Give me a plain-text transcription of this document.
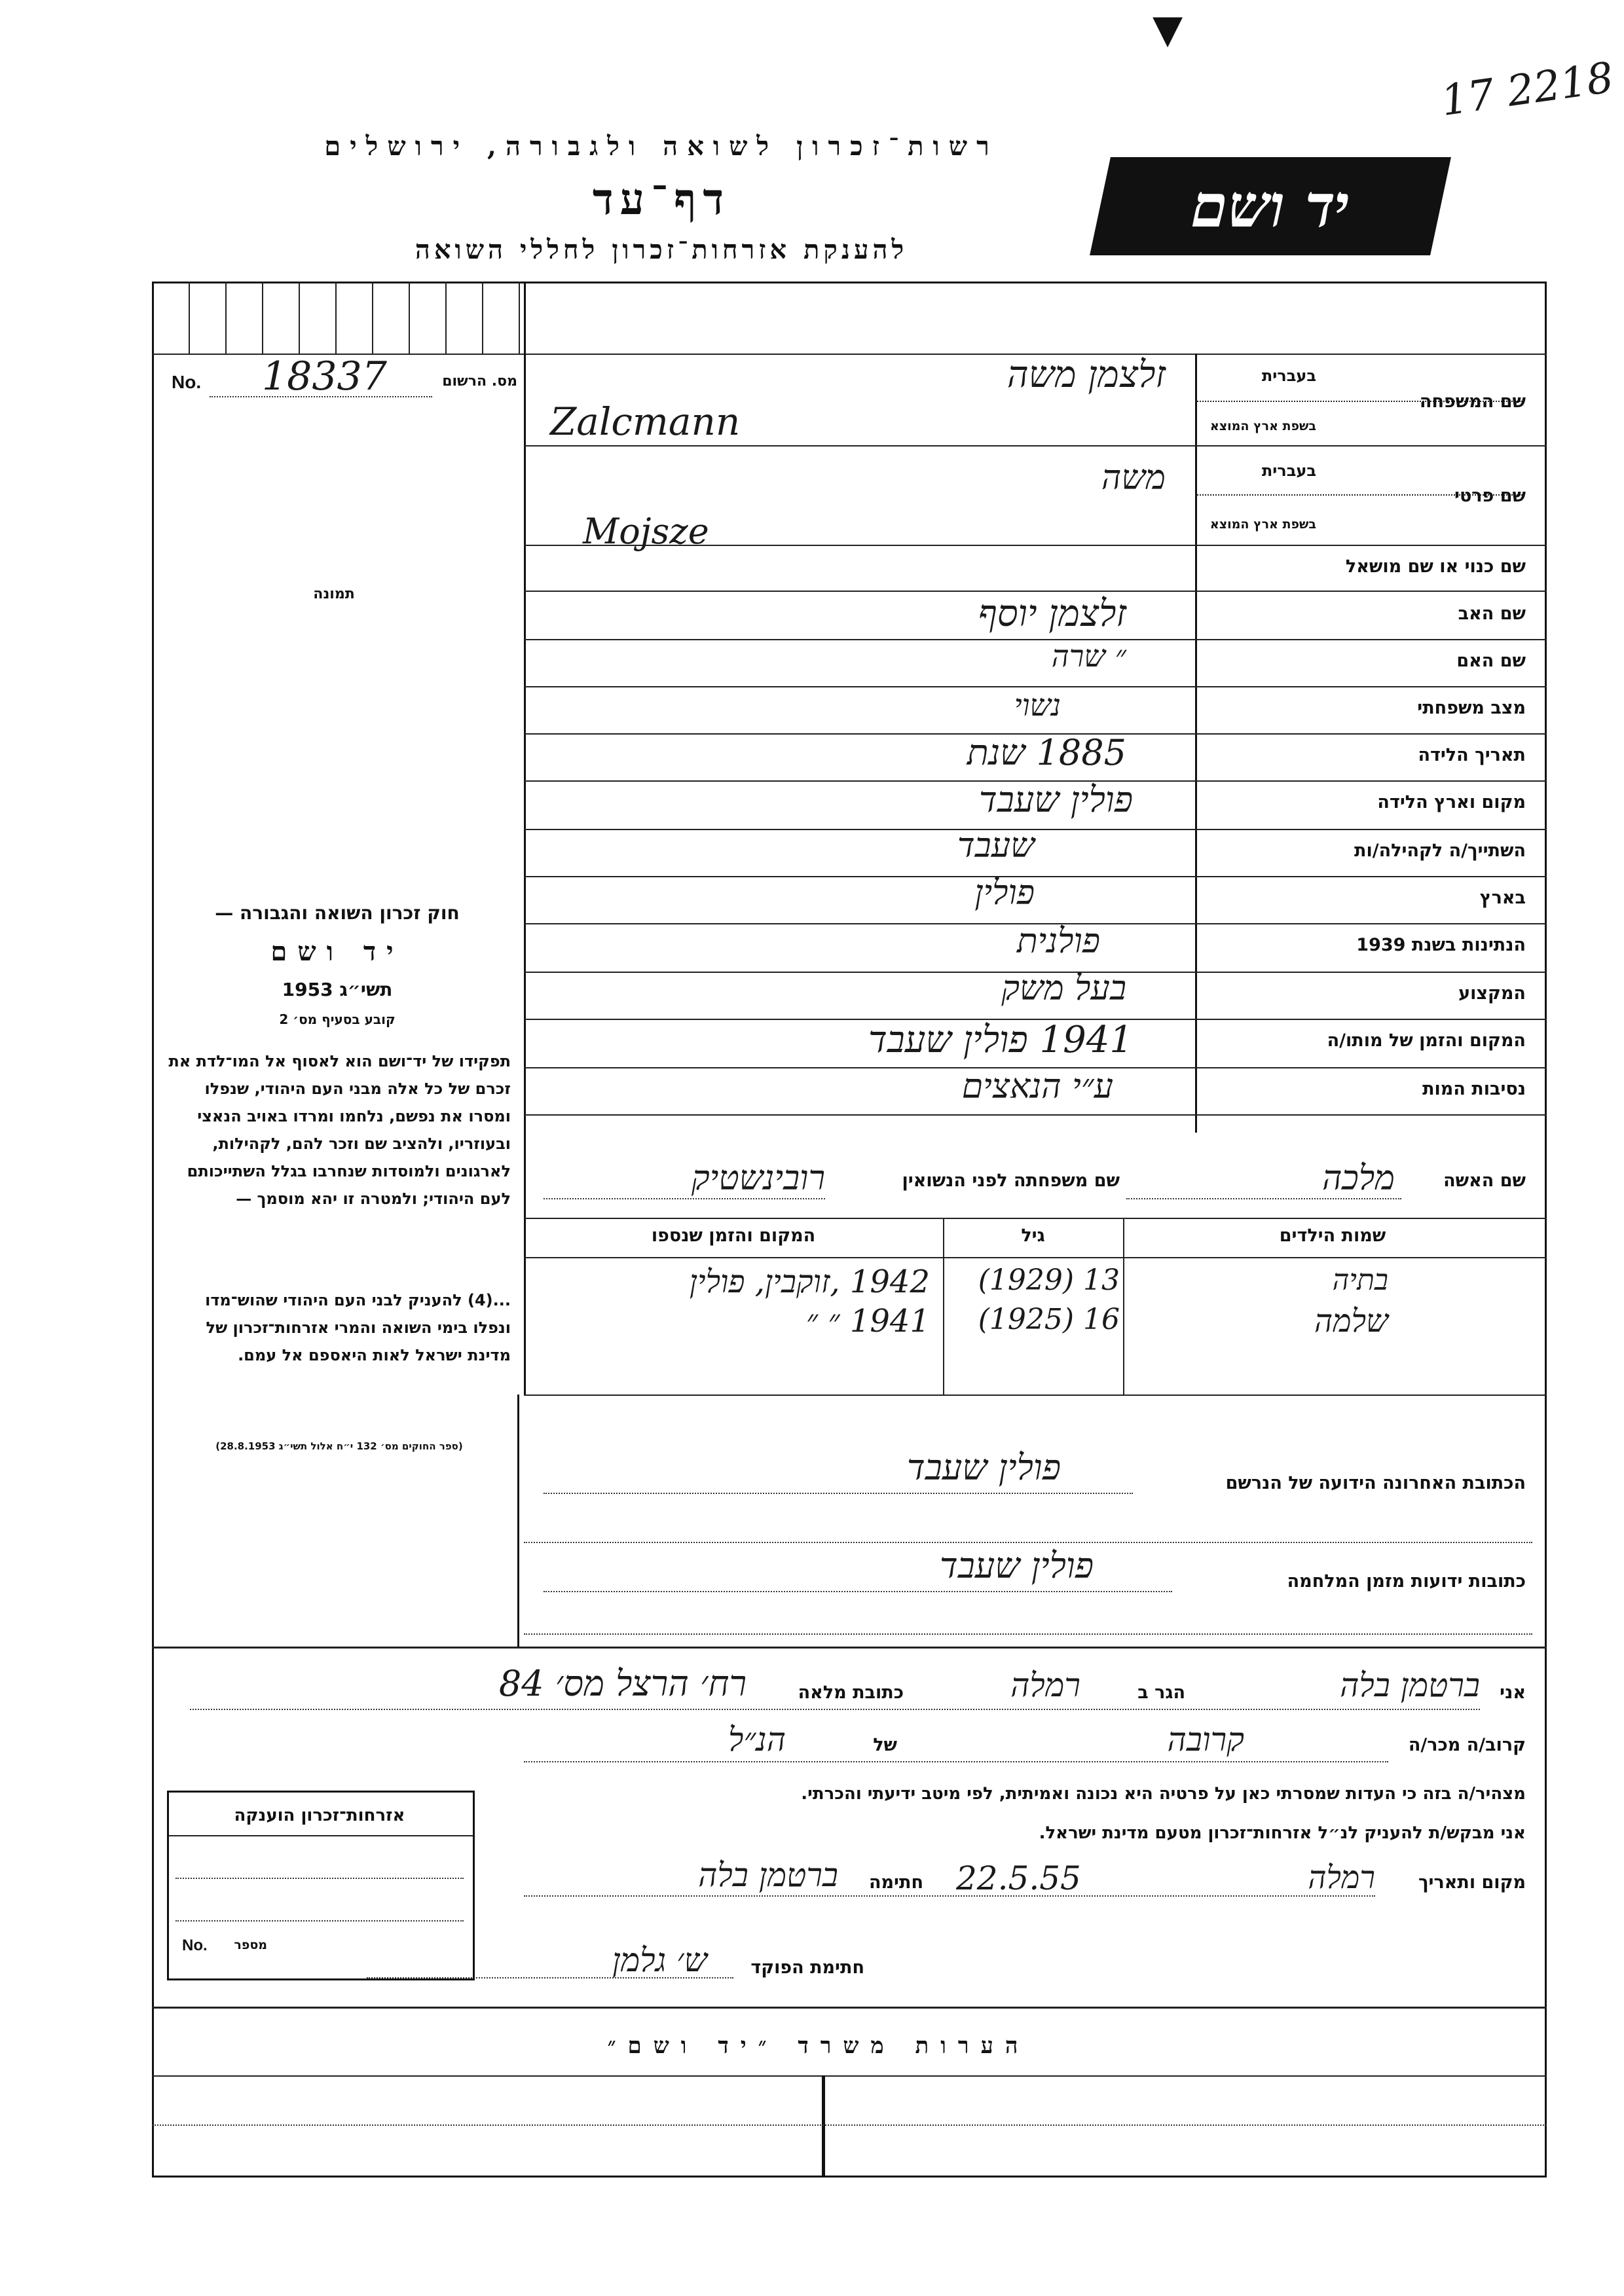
▼
17 2218
רשות־זכרון לשואה ולגבורה, ירושלים
דף־עד
להענקת אזרחות־זכרון לחללי השואה
יד ושם
מס. הרשום
No. 18337
תמונה
חוק זכרון השואה והגבורה —
יד ושם
תשי״ג 1953
קובע בסעיף מס׳ 2
תפקידו של יד־ושם הוא לאסוף אל המו־לדת את זכרם של כל אלה מבני העם היהודי, שנפלו ומסרו את נפשם, נלחמו ומרדו באויב הנאצי ובעוזריו, ולהציב שם וזכר להם, לקהילות, לארגונים ולמוסדות שנחרבו בגלל השתייכותם לעם היהודי; ולמטרה זו יהא מוסמך —
...(4) להעניק לבני העם היהודי שהוש־מדו ונפלו בימי השואה והמרי אזרחות־זכרון של מדינת ישראל לאות היאספם אל עמם.
(ספר החוקים מס׳ 132 י״ח אלול תשי״ג 28.8.1953)
שם המשפחה
בעברית
בשפת ארץ המוצא
זלצמן משה
Zalcmann
שם פרטי
בעברית
בשפת ארץ המוצא
משה
Mojsze
שם כנוי או שם מושאל
שם האב
זלצמן יוסף
שם האם
״ שרה
מצב משפחתי
נשוי
תאריך הלידה
1885 שנת
מקום וארץ הלידה
פולין שעבד
השתייך/ה לקהילה/ות
שעבד
בארץ
פולין
הנתינות בשנת 1939
פולנית
המקצוע
בעל משק
המקום והזמן של מותו/ה
1941 פולין שעבד
נסיבות המות
ע״י הנאצים
שם האשה
מלכה
שם משפחתה לפני הנשואין
רובינשטיק
שמות הילדים
גיל
המקום והזמן שנספו
בתיה
13 (1929)
1942 ,זוקבין, פולין
שלמה
16 (1925)
1941 ״ ״
הכתובת האחרונה הידועה של הנרשם
פולין שעבד
כתובות ידועות מזמן המלחמה
פולין שעבד
אני
ברטמן בלה
הגר ב
רמלה
כתובת מלאה
רח׳ הרצל מס׳ 84
קרוב/ה מכר/ה
קרובה
של
הנ״ל
מצהיר/ה בזה כי העדות שמסרתי כאן על פרטיה היא נכונה ואמיתית, לפי מיטב ידיעתי והכרתי.
אני מבקש/ת להעניק לנ״ל אזרחות־זכרון מטעם מדינת ישראל.
מקום ותאריך
רמלה
22.5.55
חתימה
ברטמן בלה
חתימת הפוקד
ש׳ גלמן
אזרחות־זכרון הוענקה
No.	מספר
הערות משרד ״יד ושם״
